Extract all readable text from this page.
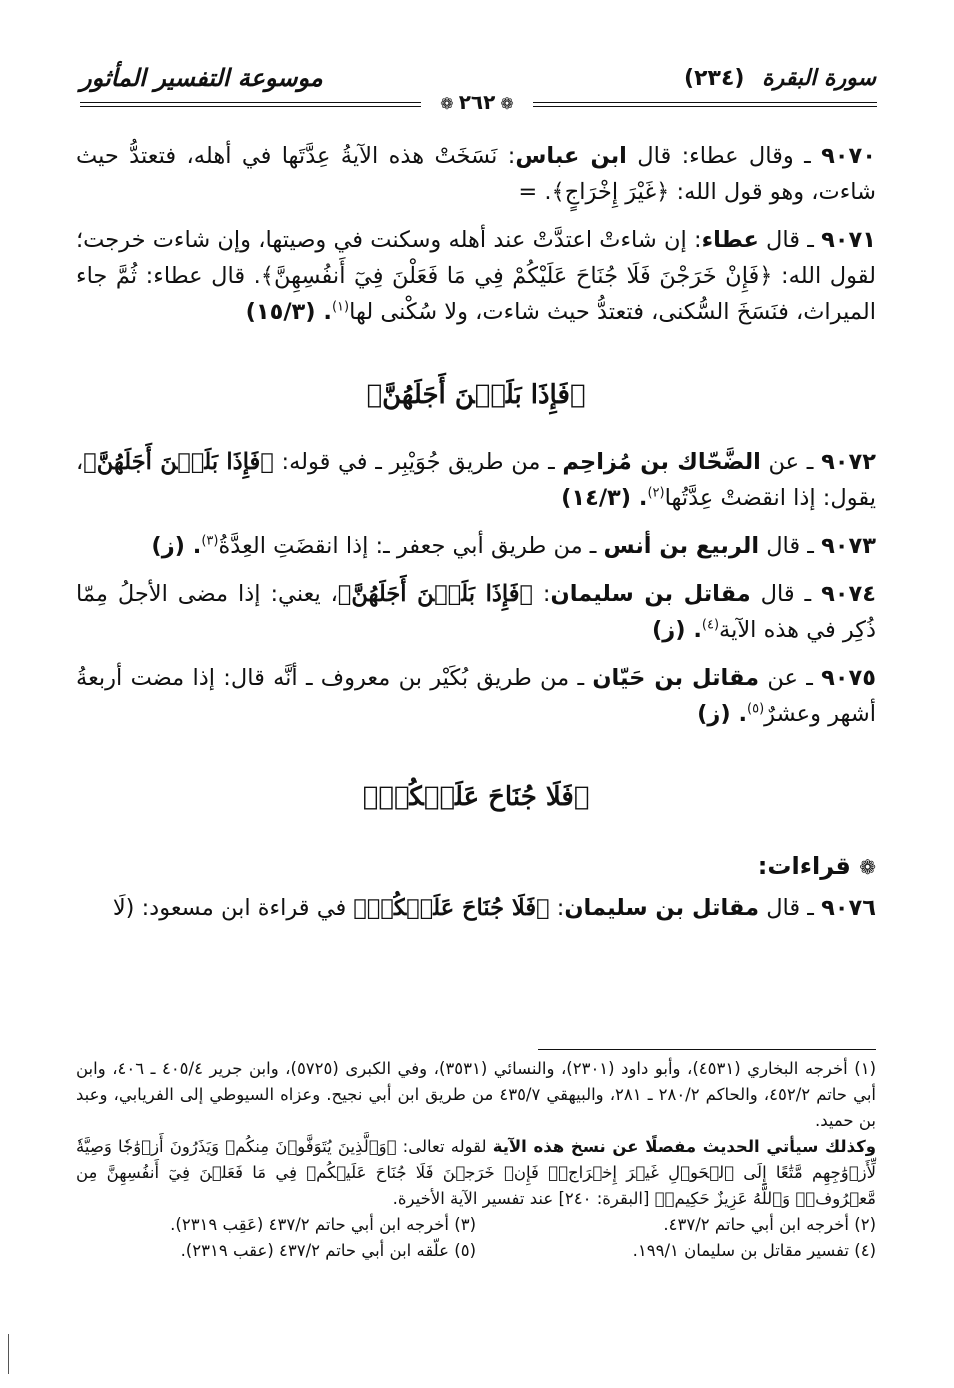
سورة البقرة (٢٣٤)
موسوعة التفسير المأثور
❁٢٦٢❁

٩٠٧٠ ـ وقال عطاء: قال ابن عباس: نَسَخَتْ هذه الآيةُ عِدَّتَها في أهله، فتعتدُّ حيث شاءت، وهو قول الله: ﴿غَيْرَ إِخْرَاجٍ﴾. =

٩٠٧١ ـ قال عطاء: إن شاءتْ اعتدَّتْ عند أهله وسكنت في وصيتها، وإن شاءت خرجت؛ لقول الله: ﴿فَإِنْ خَرَجْنَ فَلَا جُنَاحَ عَلَيْكُمْ فِي مَا فَعَلْنَ فِيٓ أَنفُسِهِنَّ﴾. قال عطاء: ثُمَّ جاء الميراث، فنَسَخَ السُّكنى، فتعتدُّ حيث شاءت، ولا سُكْنى لها$^{(١)}$. (١٥/٣)

﴿فَإِذَا بَلَغۡنَ أَجَلَهُنَّ﴾

٩٠٧٢ ـ عن الضَّحّاك بن مُزاحِم ـ من طريق جُوَيْبِر ـ في قوله: ﴿فَإِذَا بَلَغۡنَ أَجَلَهُنَّ﴾، يقول: إذا انقضتْ عِدَّتُها$^{(٢)}$. (١٤/٣)

٩٠٧٣ ـ قال الربيع بن أنس ـ من طريق أبي جعفر ـ: إذا انقضَتِ العِدَّةُ$^{(٣)}$. (ز)

٩٠٧٤ ـ قال مقاتل بن سليمان: ﴿فَإِذَا بَلَغۡنَ أَجَلَهُنَّ﴾، يعني: إذا مضى الأجلُ مِمّا ذُكِر في هذه الآية$^{(٤)}$. (ز)

٩٠٧٥ ـ عن مقاتل بن حَيّان ـ من طريق بُكَيْر بن معروف ـ أنَّه قال: إذا مضت أربعةُ أشهر وعشرٌ$^{(٥)}$. (ز)

﴿فَلَا جُنَاحَ عَلَيۡكُمۡ﴾

❁ قراءات:

٩٠٧٦ ـ قال مقاتل بن سليمان: ﴿فَلَا جُنَاحَ عَلَيۡكُمۡ﴾ في قراءة ابن مسعود: (لَا

(١) أخرجه البخاري (٤٥٣١)، وأبو داود (٢٣٠١)، والنسائي (٣٥٣١)، وفي الكبرى (٥٧٢٥)، وابن جرير ٤٠٥/٤ ـ ٤٠٦، وابن أبي حاتم ٤٥٢/٢، والحاكم ٢٨٠/٢ ـ ٢٨١، والبيهقي ٤٣٥/٧ من طريق ابن أبي نجيح. وعزاه السيوطي إلى الفريابي، وعبد بن حميد.

وكذلك سيأتي الحديث مفصلًا عن نسخ هذه الآية لقوله تعالى: ﴿وَٱلَّذِينَ يُتَوَفَّوۡنَ مِنكُمۡ وَيَذَرُونَ أَزۡوَٰجٗا وَصِيَّةٗ لِّأَزۡوَٰجِهِم مَّتَٰعًا إِلَى ٱلۡحَوۡلِ غَيۡرَ إِخۡرَاجٖۚ فَإِنۡ خَرَجۡنَ فَلَا جُنَاحَ عَلَيۡكُمۡ فِي مَا فَعَلۡنَ فِيٓ أَنفُسِهِنَّ مِن مَّعۡرُوفٖۗ وَٱللَّهُ عَزِيزٌ حَكِيمٞ﴾ [البقرة: ٢٤٠] عند تفسير الآية الأخيرة.

(٢) أخرجه ابن أبي حاتم ٤٣٧/٢.
(٣) أخرجه ابن أبي حاتم ٤٣٧/٢ (عَقِب ٢٣١٩).
(٤) تفسير مقاتل بن سليمان ١٩٩/١.
(٥) علّقه ابن أبي حاتم ٤٣٧/٢ (عقب ٢٣١٩).
